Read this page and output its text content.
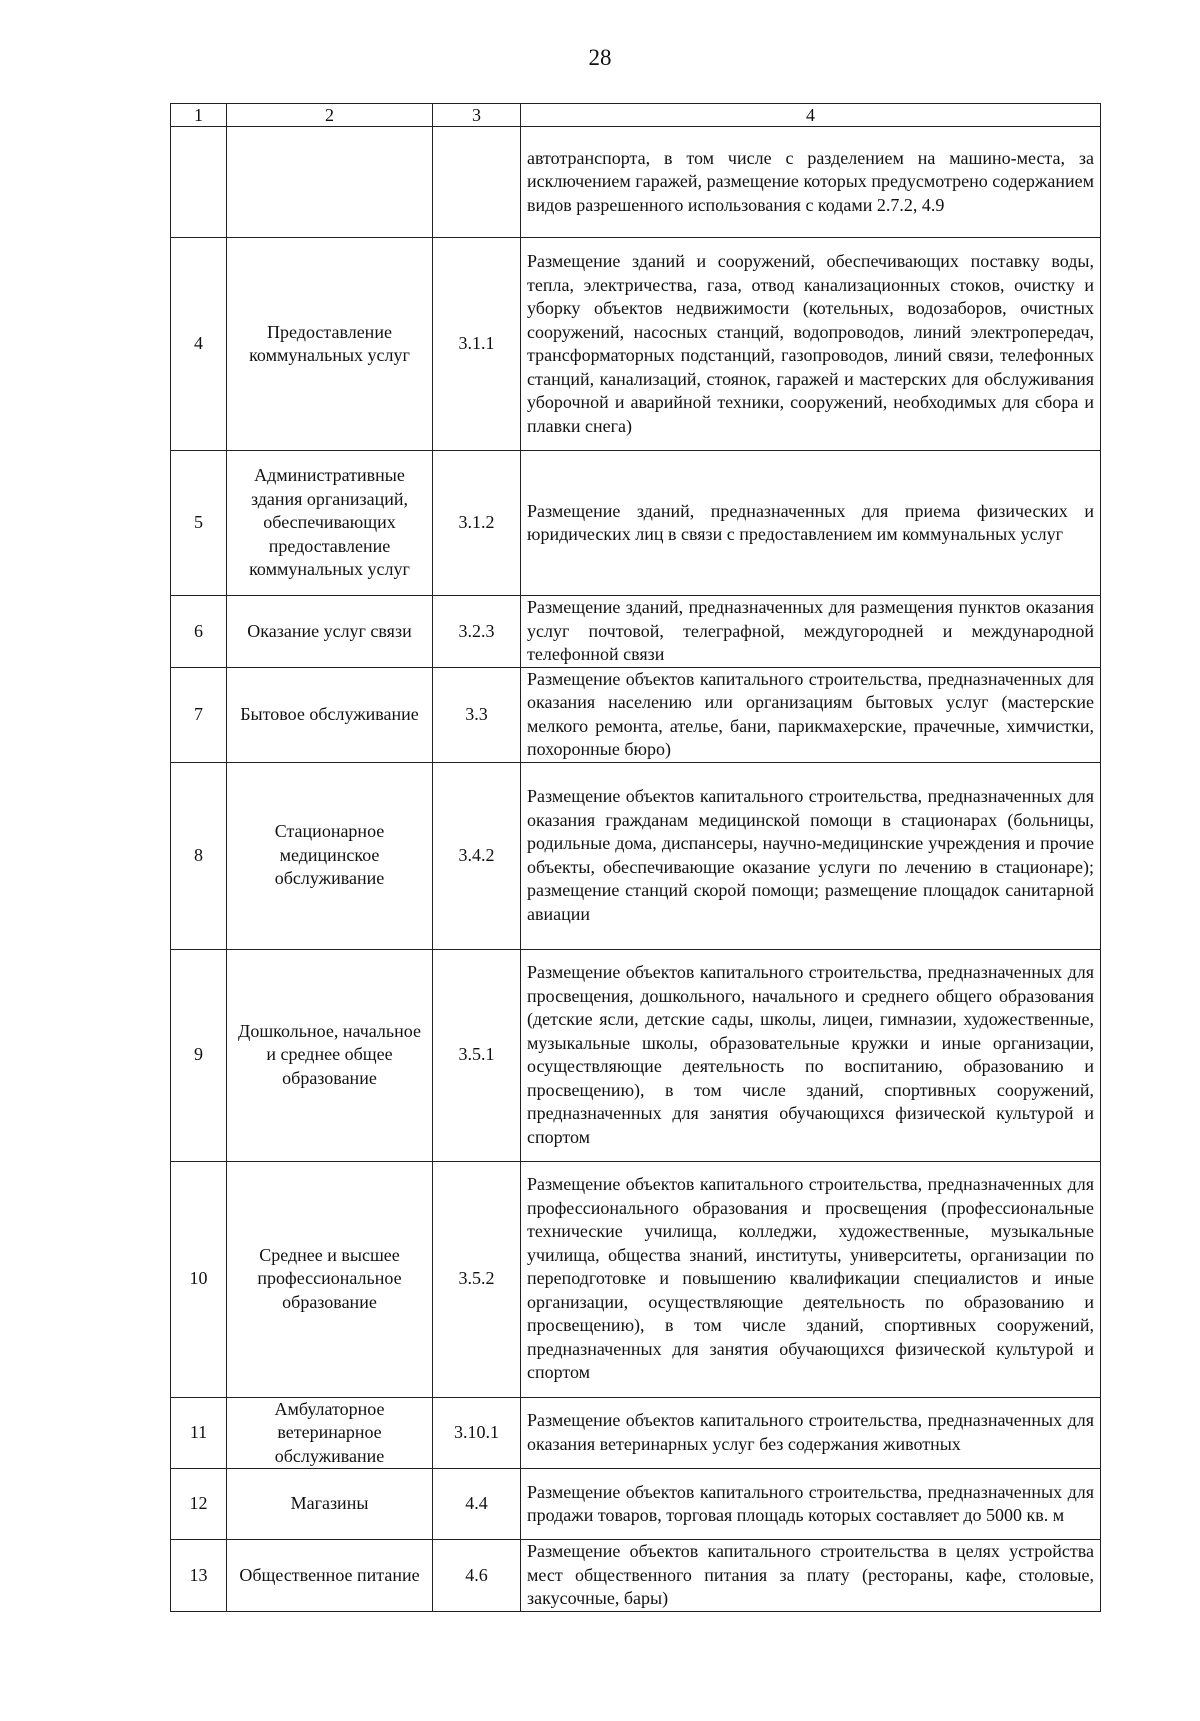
28
1	2	3	4
			автотранспорта, в том числе с разделением на машино-места, за исключением гаражей, размещение которых предусмотрено содержанием видов разрешенного использования с кодами 2.7.2, 4.9
4	Предоставление коммунальных услуг	3.1.1	Размещение зданий и сооружений, обеспечивающих поставку воды, тепла, электричества, газа, отвод канализационных стоков, очистку и уборку объектов недвижимости (котельных, водозаборов, очистных сооружений, насосных станций, водопроводов, линий электропередач, трансформаторных подстанций, газопроводов, линий связи, телефонных станций, канализаций, стоянок, гаражей и мастерских для обслуживания уборочной и аварийной техники, сооружений, необходимых для сбора и плавки снега)
5	Административные здания организаций, обеспечивающих предоставление коммунальных услуг	3.1.2	Размещение зданий, предназначенных для приема физических и юридических лиц в связи с предоставлением им коммунальных услуг
6	Оказание услуг связи	3.2.3	Размещение зданий, предназначенных для размещения пунктов оказания услуг почтовой, телеграфной, междугородней и международной телефонной связи
7	Бытовое обслуживание	3.3	Размещение объектов капитального строительства, предназначенных для оказания населению или организациям бытовых услуг (мастерские мелкого ремонта, ателье, бани, парикмахерские, прачечные, химчистки, похоронные бюро)
8	Стационарное медицинское обслуживание	3.4.2	Размещение объектов капитального строительства, предназначенных для оказания гражданам медицинской помощи в стационарах (больницы, родильные дома, диспансеры, научно-медицинские учреждения и прочие объекты, обеспечивающие оказание услуги по лечению в стационаре); размещение станций скорой помощи; размещение площадок санитарной авиации
9	Дошкольное, начальное и среднее общее образование	3.5.1	Размещение объектов капитального строительства, предназначенных для просвещения, дошкольного, начального и среднего общего образования (детские ясли, детские сады, школы, лицеи, гимназии, художественные, музыкальные школы, образовательные кружки и иные организации, осуществляющие деятельность по воспитанию, образованию и просвещению), в том числе зданий, спортивных сооружений, предназначенных для занятия обучающихся физической культурой и спортом
10	Среднее и высшее профессиональное образование	3.5.2	Размещение объектов капитального строительства, предназначенных для профессионального образования и просвещения (профессиональные технические училища, колледжи, художественные, музыкальные училища, общества знаний, институты, университеты, организации по переподготовке и повышению квалификации специалистов и иные организации, осуществляющие деятельность по образованию и просвещению), в том числе зданий, спортивных сооружений, предназначенных для занятия обучающихся физической культурой и спортом
11	Амбулаторное ветеринарное обслуживание	3.10.1	Размещение объектов капитального строительства, предназначенных для оказания ветеринарных услуг без содержания животных
12	Магазины	4.4	Размещение объектов капитального строительства, предназначенных для продажи товаров, торговая площадь которых составляет до 5000 кв. м
13	Общественное питание	4.6	Размещение объектов капитального строительства в целях устройства мест общественного питания за плату (рестораны, кафе, столовые, закусочные, бары)
